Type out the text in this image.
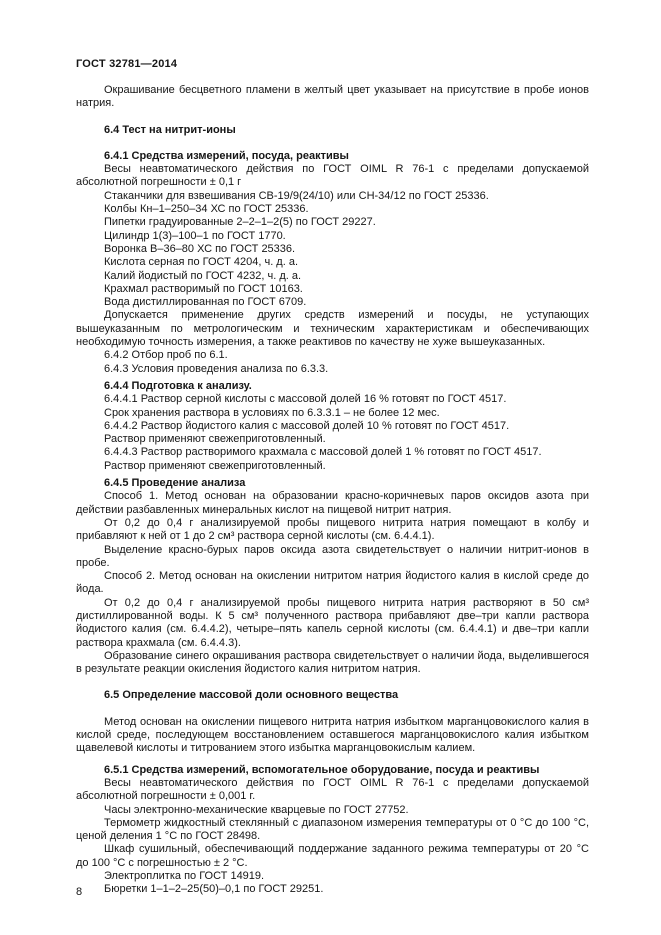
ГОСТ 32781—2014
Окрашивание бесцветного пламени в желтый цвет указывает на присутствие в пробе ионов натрия.
6.4 Тест на нитрит-ионы
6.4.1 Средства измерений, посуда, реактивы
Весы неавтоматического действия по ГОСТ OIML R 76-1 с пределами допускаемой абсолютной погрешности ± 0,1 г
Стаканчики для взвешивания СВ-19/9(24/10) или СН-34/12 по ГОСТ 25336.
Колбы Кн–1–250–34 ХС по ГОСТ 25336.
Пипетки градуированные 2–2–1–2(5) по ГОСТ 29227.
Цилиндр 1(3)–100–1 по ГОСТ 1770.
Воронка В–36–80 ХС по ГОСТ 25336.
Кислота серная по ГОСТ 4204, ч. д. а.
Калий йодистый по ГОСТ 4232, ч. д. а.
Крахмал растворимый по ГОСТ 10163.
Вода дистиллированная по ГОСТ 6709.
Допускается применение других средств измерений и посуды, не уступающих вышеуказанным по метрологическим и техническим характеристикам и обеспечивающих необходимую точность измерения, а также реактивов по качеству не хуже вышеуказанных.
6.4.2 Отбор проб по 6.1.
6.4.3 Условия проведения анализа по 6.3.3.
6.4.4 Подготовка к анализу.
6.4.4.1 Раствор серной кислоты с массовой долей 16 % готовят по ГОСТ 4517.
Срок хранения раствора в условиях по 6.3.3.1 – не более 12 мес.
6.4.4.2 Раствор йодистого калия с массовой долей 10 % готовят по ГОСТ 4517.
Раствор применяют свежеприготовленный.
6.4.4.3 Раствор растворимого крахмала с массовой долей 1 % готовят по ГОСТ 4517.
Раствор применяют свежеприготовленный.
6.4.5 Проведение анализа
Способ 1. Метод основан на образовании красно-коричневых паров оксидов азота при действии разбавленных минеральных кислот на пищевой нитрит натрия.
От 0,2 до 0,4 г анализируемой пробы пищевого нитрита натрия помещают в колбу и прибавляют к ней от 1 до 2 см³ раствора серной кислоты (см. 6.4.4.1).
Выделение красно-бурых паров оксида азота свидетельствует о наличии нитрит-ионов в пробе.
Способ 2. Метод основан на окислении нитритом натрия йодистого калия в кислой среде до йода.
От 0,2 до 0,4 г анализируемой пробы пищевого нитрита натрия растворяют в 50 см³ дистиллированной воды. К 5 см³ полученного раствора прибавляют две–три капли раствора йодистого калия (см. 6.4.4.2), четыре–пять капель серной кислоты (см. 6.4.4.1) и две–три капли раствора крахмала (см. 6.4.4.3).
Образование синего окрашивания раствора свидетельствует о наличии йода, выделившегося в результате реакции окисления йодистого калия нитритом натрия.
6.5 Определение массовой доли основного вещества
Метод основан на окислении пищевого нитрита натрия избытком марганцовокислого калия в кислой среде, последующем восстановлением оставшегося марганцовокислого калия избытком щавелевой кислоты и титрованием этого избытка марганцовокислым калием.
6.5.1 Средства измерений, вспомогательное оборудование, посуда и реактивы
Весы неавтоматического действия по ГОСТ OIML R 76-1 с пределами допускаемой абсолютной погрешности ± 0,001 г.
Часы электронно-механические кварцевые по ГОСТ 27752.
Термометр жидкостный стеклянный с диапазоном измерения температуры от 0 °С до 100 °С, ценой деления 1 °С по ГОСТ 28498.
Шкаф сушильный, обеспечивающий поддержание заданного режима температуры от 20 °С до 100 °С с погрешностью ± 2 °С.
Электроплитка по ГОСТ 14919.
Бюретки 1–1–2–25(50)–0,1 по ГОСТ 29251.
8
